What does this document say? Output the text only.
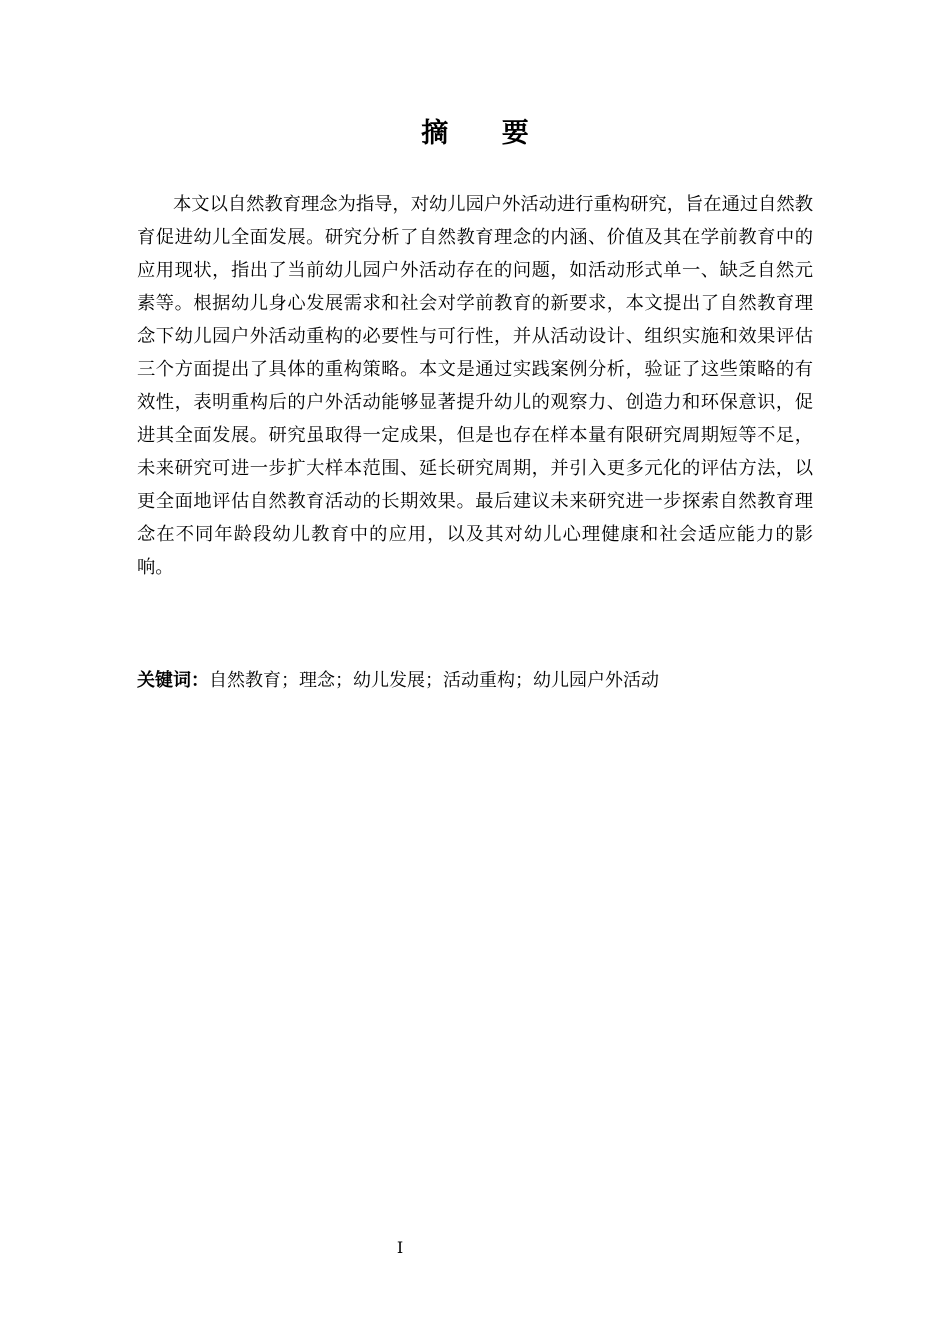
摘 要

本文以自然教育理念为指导，对幼儿园户外活动进行重构研究，旨在通过自然教育促进幼儿全面发展。研究分析了自然教育理念的内涵、价值及其在学前教育中的应用现状，指出了当前幼儿园户外活动存在的问题，如活动形式单一、缺乏自然元素等。根据幼儿身心发展需求和社会对学前教育的新要求，本文提出了自然教育理念下幼儿园户外活动重构的必要性与可行性，并从活动设计、组织实施和效果评估三个方面提出了具体的重构策略。本文是通过实践案例分析，验证了这些策略的有效性，表明重构后的户外活动能够显著提升幼儿的观察力、创造力和环保意识，促进其全面发展。研究虽取得一定成果，但是也存在样本量有限研究周期短等不足，未来研究可进一步扩大样本范围、延长研究周期，并引入更多元化的评估方法，以更全面地评估自然教育活动的长期效果。最后建议未来研究进一步探索自然教育理念在不同年龄段幼儿教育中的应用，以及其对幼儿心理健康和社会适应能力的影响。

关键词：自然教育；理念；幼儿发展；活动重构；幼儿园户外活动

I
